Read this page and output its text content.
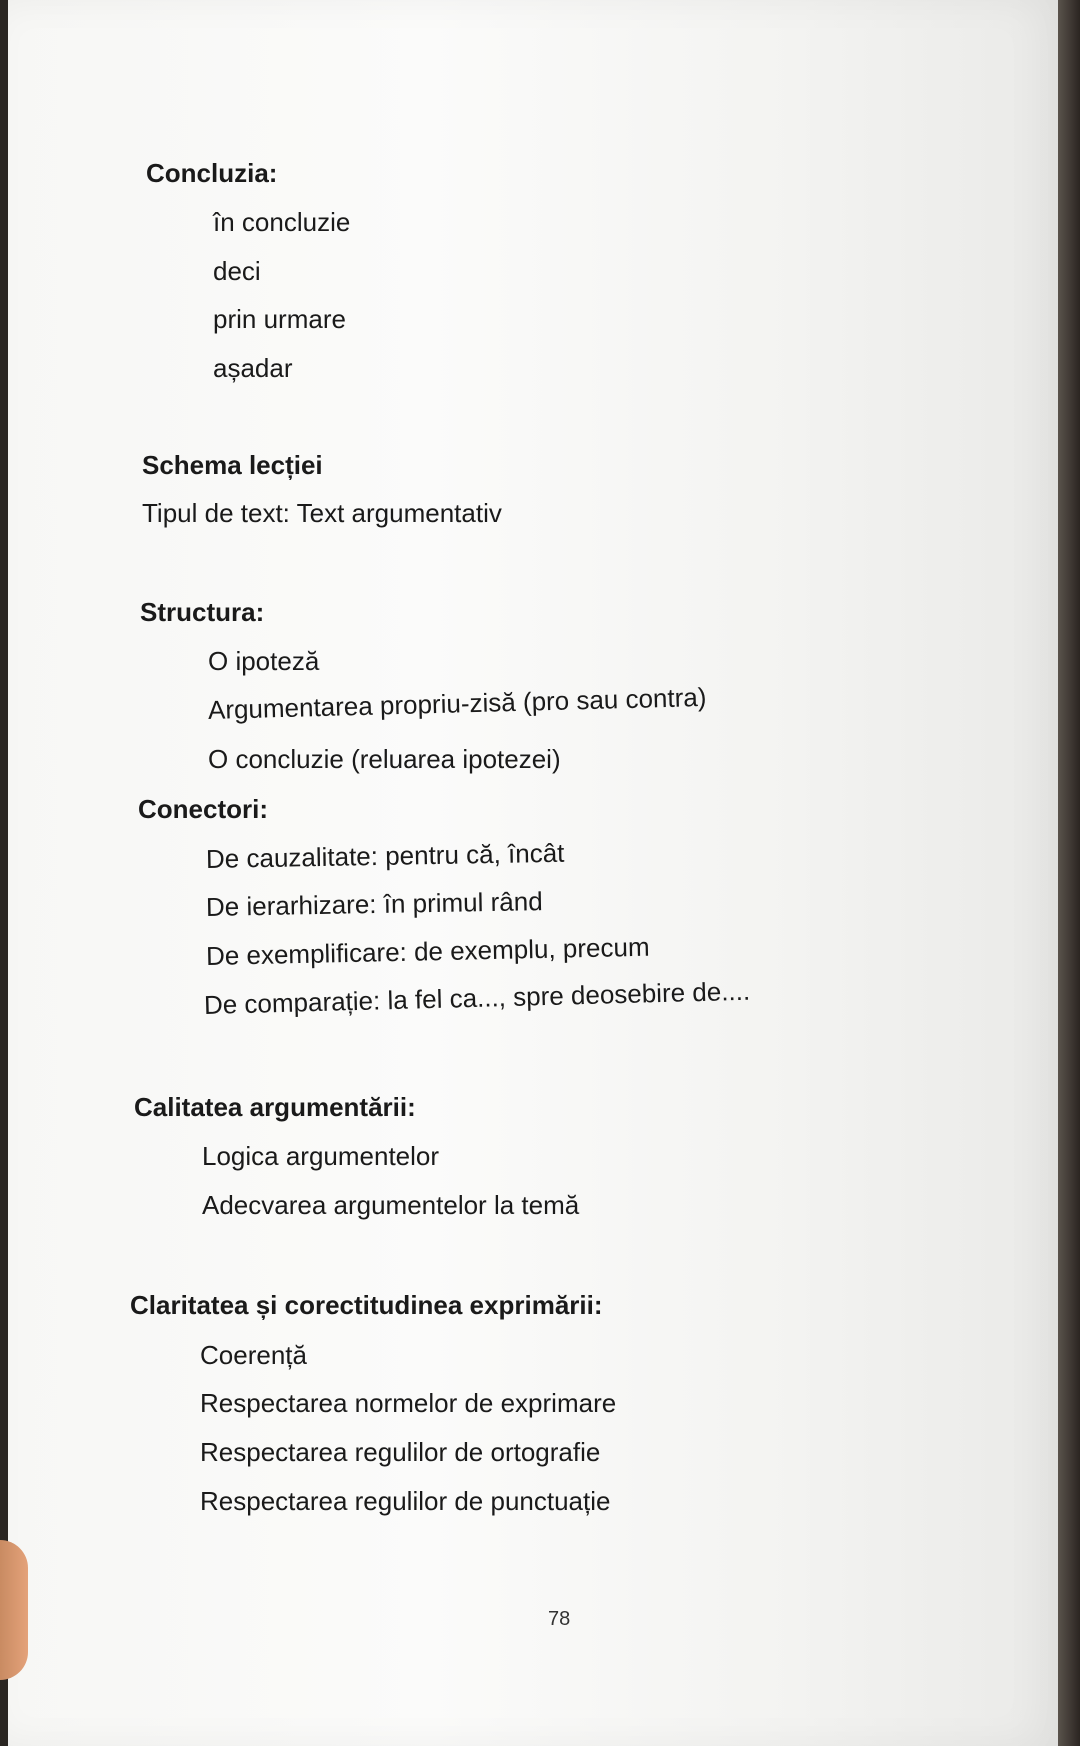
Concluzia:
în concluzie
deci
prin urmare
așadar
Schema lecției
Tipul de text: Text argumentativ
Structura:
O ipoteză
Argumentarea propriu-zisă (pro sau contra)
O concluzie (reluarea ipotezei)
Conectori:
De cauzalitate: pentru că, încât
De ierarhizare: în primul rând
De exemplificare: de exemplu, precum
De comparație: la fel ca..., spre deosebire de....
Calitatea argumentării:
Logica argumentelor
Adecvarea argumentelor la temă
Claritatea și corectitudinea exprimării:
Coerență
Respectarea normelor de exprimare
Respectarea regulilor de ortografie
Respectarea regulilor de punctuație
78
